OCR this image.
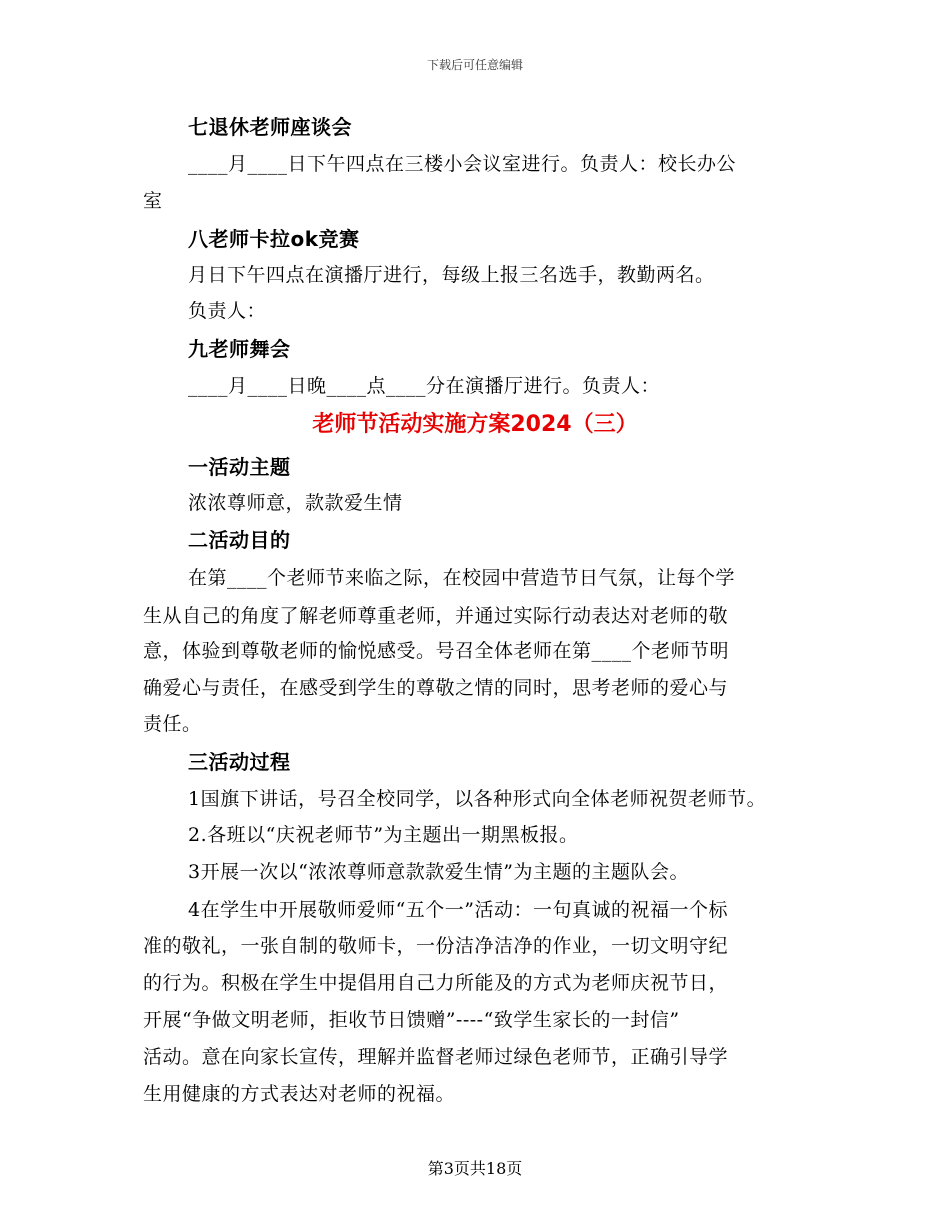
下载后可任意编辑
七退休老师座谈会
____月____日下午四点在三楼小会议室进行。负责人：校长办公
室
八老师卡拉ok竞赛
月日下午四点在演播厅进行，每级上报三名选手，教勤两名。
负责人：
九老师舞会
____月____日晚____点____分在演播厅进行。负责人：
老师节活动实施方案2024（三）
一活动主题
浓浓尊师意，款款爱生情
二活动目的
在第____个老师节来临之际，在校园中营造节日气氛，让每个学
生从自己的角度了解老师尊重老师，并通过实际行动表达对老师的敬
意，体验到尊敬老师的愉悦感受。号召全体老师在第____个老师节明
确爱心与责任，在感受到学生的尊敬之情的同时，思考老师的爱心与
责任。
三活动过程
1国旗下讲话，号召全校同学，以各种形式向全体老师祝贺老师节。
2.各班以“庆祝老师节”为主题出一期黑板报。
3开展一次以“浓浓尊师意款款爱生情”为主题的主题队会。
4在学生中开展敬师爱师“五个一”活动：一句真诚的祝福一个标
准的敬礼，一张自制的敬师卡，一份洁净洁净的作业，一切文明守纪
的行为。积极在学生中提倡用自己力所能及的方式为老师庆祝节日，
开展“争做文明老师，拒收节日馈赠”----“致学生家长的一封信”
活动。意在向家长宣传，理解并监督老师过绿色老师节，正确引导学
生用健康的方式表达对老师的祝福。
第3页共18页
